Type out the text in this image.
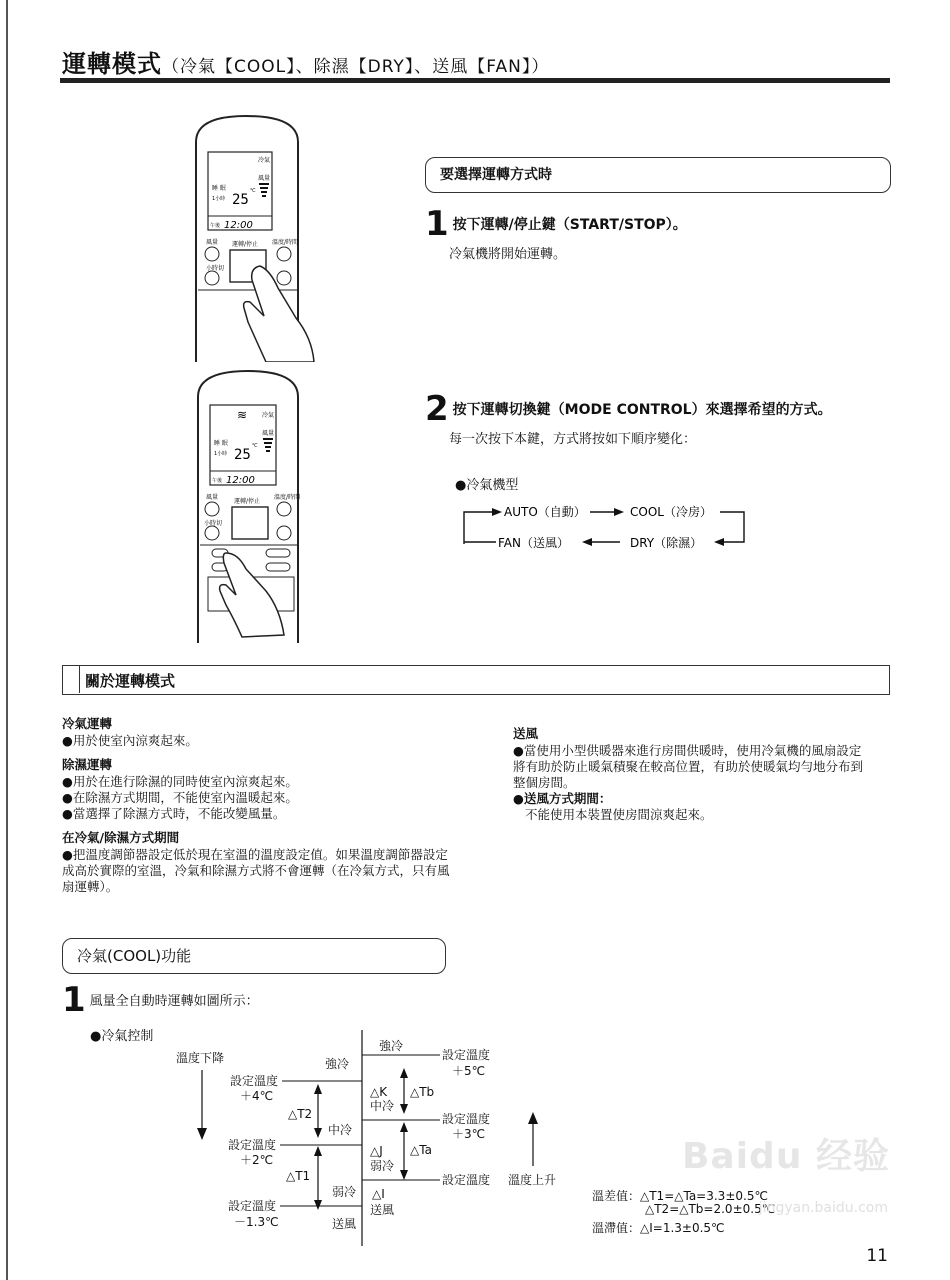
運轉模式（冷氣【COOL】、除濕【DRY】、送風【FAN】）
冷氣
風量
睡 眠
1小時 25
℃
午後 12:00
風量
小時切
運轉/停止 溫度/時間
≋ 冷氣
風量
睡 眠
1小時 25
℃
午後 12:00
風量
小時切
運轉/停止
溫度/時間
要選擇運轉方式時
1 按下運轉/停止鍵（START/STOP）。
冷氣機將開始運轉。
2 按下運轉切換鍵（MODE CONTROL）來選擇希望的方式。
每一次按下本鍵，方式將按如下順序變化：
●冷氣機型
AUTO（自動）	COOL（冷房）
DRY（除濕）
FAN（送風）
關於運轉模式
冷氣運轉

●用於使室內涼爽起來。

除濕運轉

●用於在進行除濕的同時使室內涼爽起來。

●在除濕方式期間，不能使室內溫暖起來。

●當選擇了除濕方式時，不能改變風量。

在冷氣/除濕方式期間

●把溫度調節器設定低於現在室溫的溫度設定值。如果溫度調節器設定成高於實際的室溫，冷氣和除濕方式將不會運轉（在冷氣方式，只有風扇運轉）。

送風

●當使用小型供暖器來進行房間供暖時，使用冷氣機的風扇設定將有助於防止暖氣積聚在較高位置，有助於使暖氣均勻地分布到整個房間。

●送風方式期間：

不能使用本裝置使房間涼爽起來。

冷氣(COOL)功能
1 風量全自動時運轉如圖所示：
●冷氣控制
溫度下降	強冷
強冷
設定溫度
＋5℃
設定溫度
＋4℃	△K
中冷
△Tb
△T2
中冷
設定溫度
＋3℃
設定溫度
＋2℃
△J
弱冷
△Ta
△T1	設定溫度 溫度上升
弱冷 △I
設定溫度
－1.3℃
送風
送風
溫差值：△T1=△Ta=3.3±0.5℃
△T2=△Tb=2.0±0.5℃
溫滯值：△I=1.3±0.5℃
Baidu 经验
jingyan.baidu.com
11
